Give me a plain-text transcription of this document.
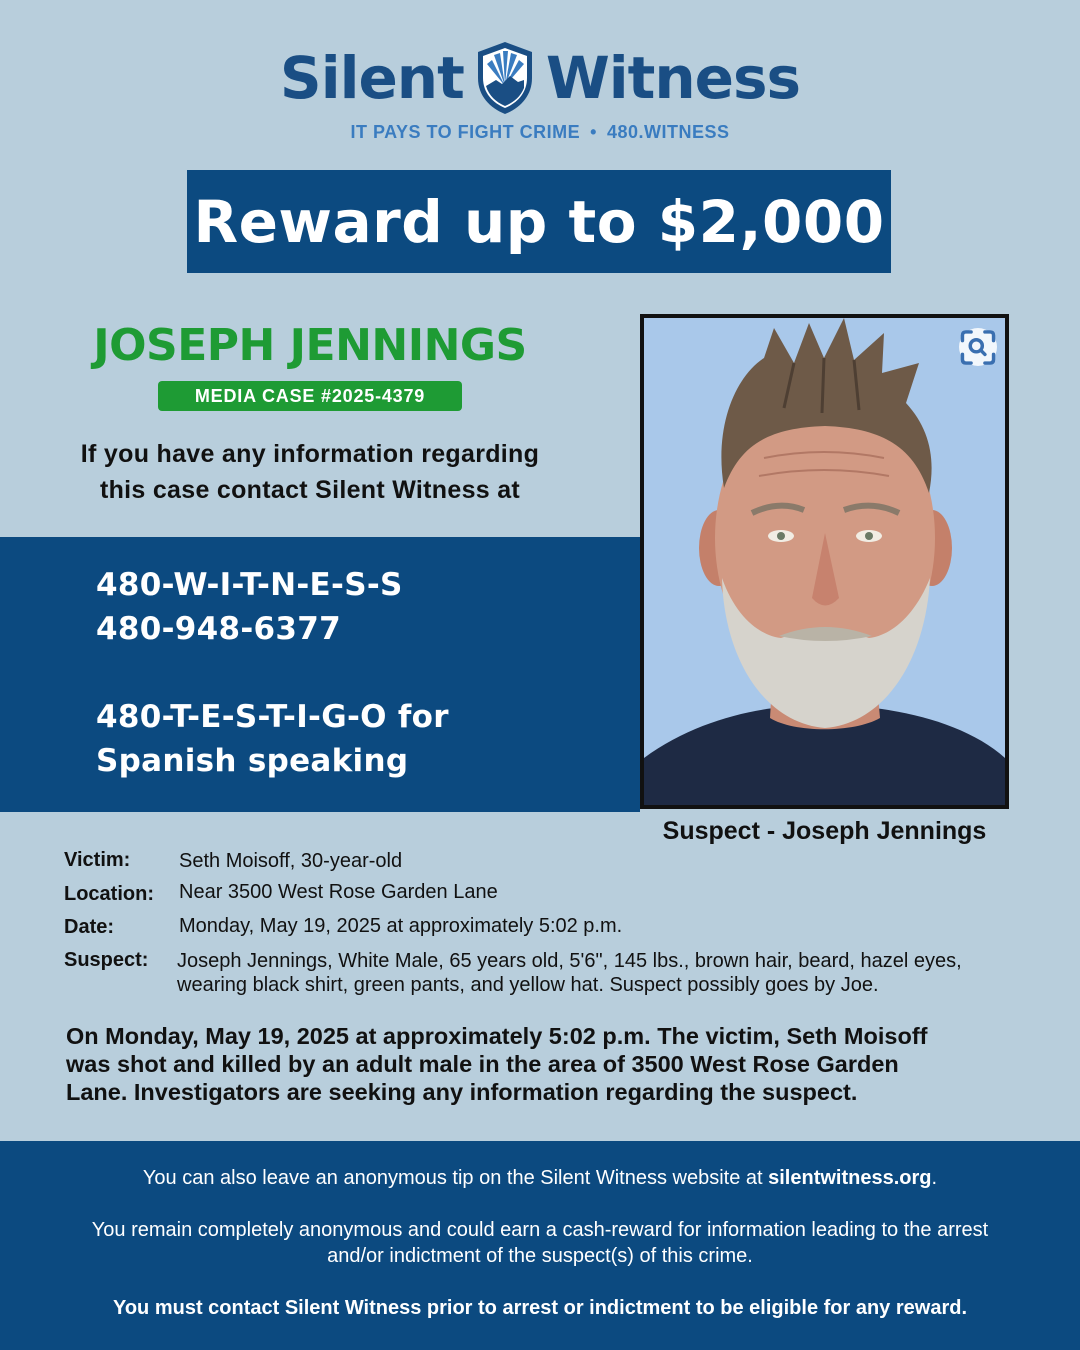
Silent Witness
IT PAYS TO FIGHT CRIME • 480.WITNESS
Reward up to $2,000
JOSEPH JENNINGS
MEDIA CASE #2025-4379
If you have any information regarding
this case contact Silent Witness at
480-W-I-T-N-E-S-S
480-948-6377
480-T-E-S-T-I-G-O for
Spanish speaking
Suspect - Joseph Jennings
Victim: Seth Moisoff, 30-year-old
Location: Near 3500 West Rose Garden Lane
Date:	Monday, May 19, 2025 at approximately 5:02 p.m.
Suspect: Joseph Jennings, White Male, 65 years old, 5'6", 145 lbs., brown hair, beard, hazel eyes,
wearing black shirt, green pants, and yellow hat. Suspect possibly goes by Joe.
On Monday, May 19, 2025 at approximately 5:02 p.m. The victim, Seth Moisoff
was shot and killed by an adult male in the area of 3500 West Rose Garden
Lane. Investigators are seeking any information regarding the suspect.
You can also leave an anonymous tip on the Silent Witness website at silentwitness.org.
You remain completely anonymous and could earn a cash-reward for information leading to the arrest
and/or indictment of the suspect(s) of this crime.
You must contact Silent Witness prior to arrest or indictment to be eligible for any reward.
